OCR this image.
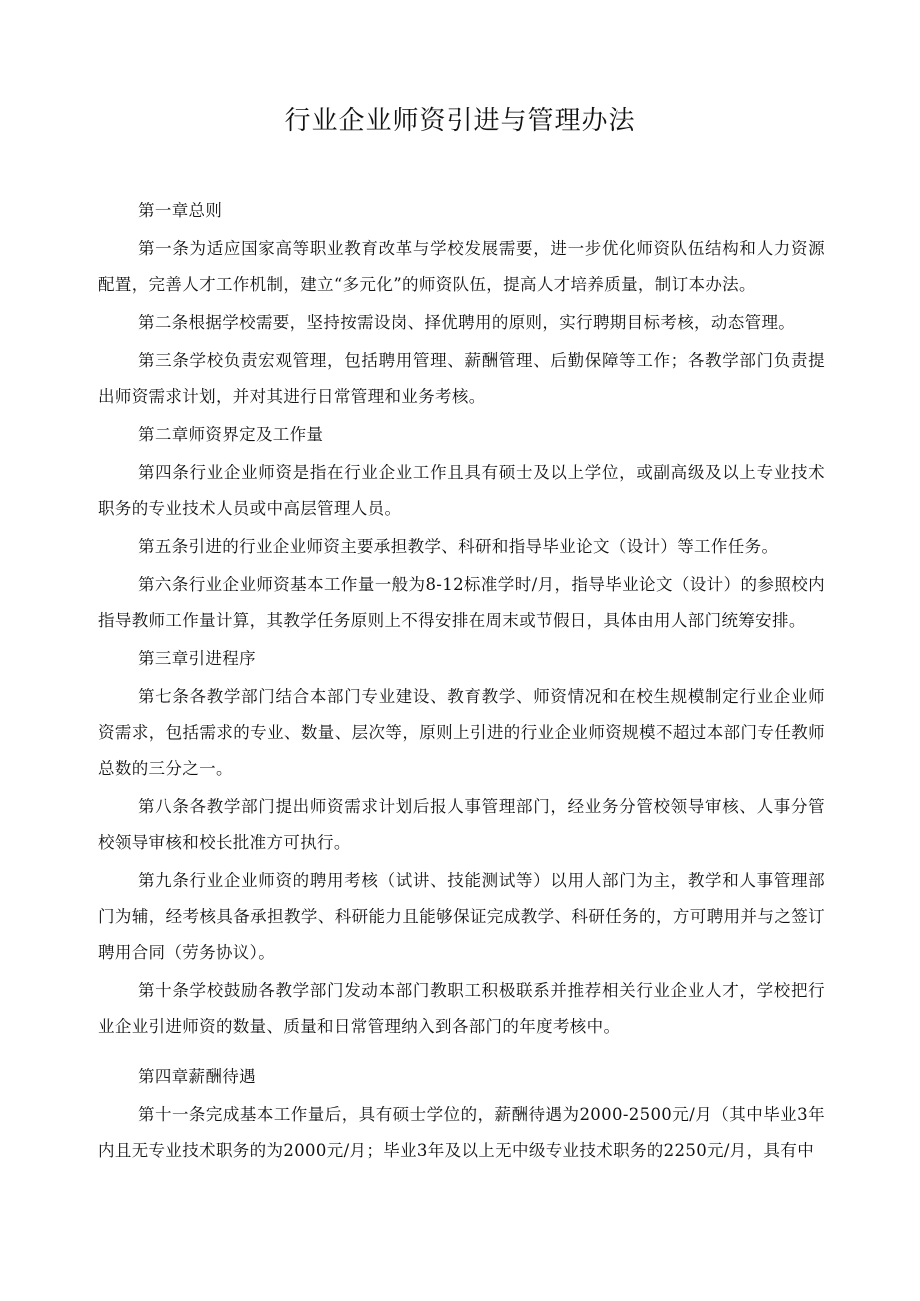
行业企业师资引进与管理办法

第一章总则

第一条为适应国家高等职业教育改革与学校发展需要，进一步优化师资队伍结构和人力资源配置，完善人才工作机制，建立“多元化”的师资队伍，提高人才培养质量，制订本办法。

第二条根据学校需要，坚持按需设岗、择优聘用的原则，实行聘期目标考核，动态管理。

第三条学校负责宏观管理，包括聘用管理、薪酬管理、后勤保障等工作；各教学部门负责提出师资需求计划，并对其进行日常管理和业务考核。

第二章师资界定及工作量

第四条行业企业师资是指在行业企业工作且具有硕士及以上学位，或副高级及以上专业技术职务的专业技术人员或中高层管理人员。

第五条引进的行业企业师资主要承担教学、科研和指导毕业论文（设计）等工作任务。

第六条行业企业师资基本工作量一般为8-12标准学时/月，指导毕业论文（设计）的参照校内指导教师工作量计算，其教学任务原则上不得安排在周末或节假日，具体由用人部门统筹安排。

第三章引进程序

第七条各教学部门结合本部门专业建设、教育教学、师资情况和在校生规模制定行业企业师资需求，包括需求的专业、数量、层次等，原则上引进的行业企业师资规模不超过本部门专任教师总数的三分之一。

第八条各教学部门提出师资需求计划后报人事管理部门，经业务分管校领导审核、人事分管校领导审核和校长批准方可执行。

第九条行业企业师资的聘用考核（试讲、技能测试等）以用人部门为主，教学和人事管理部门为辅，经考核具备承担教学、科研能力且能够保证完成教学、科研任务的，方可聘用并与之签订聘用合同（劳务协议）。

第十条学校鼓励各教学部门发动本部门教职工积极联系并推荐相关行业企业人才，学校把行业企业引进师资的数量、质量和日常管理纳入到各部门的年度考核中。

第四章薪酬待遇

第十一条完成基本工作量后，具有硕士学位的，薪酬待遇为2000-2500元/月（其中毕业3年内且无专业技术职务的为2000元/月；毕业3年及以上无中级专业技术职务的2250元/月，具有中
